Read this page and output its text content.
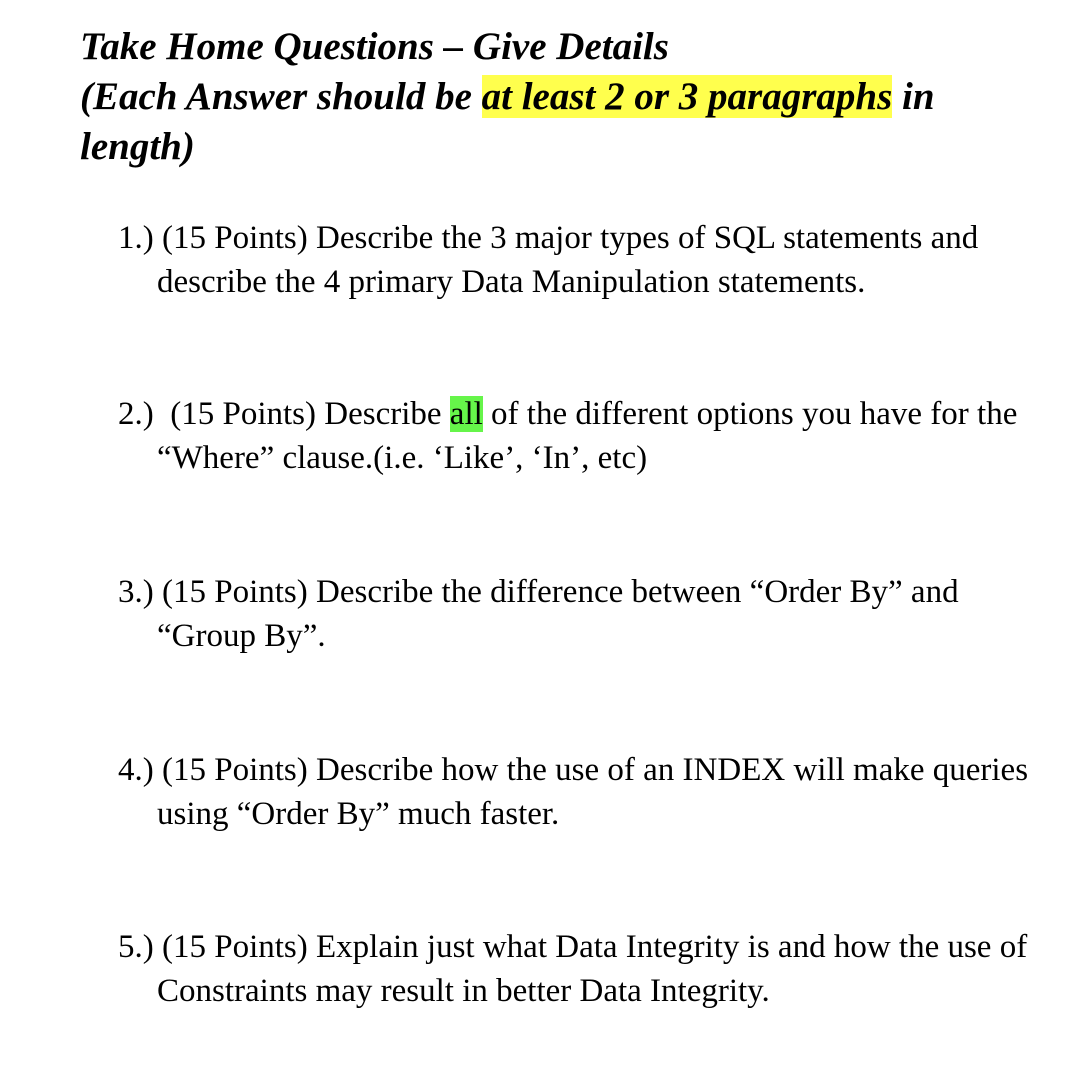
Take Home Questions – Give Details
(Each Answer should be at least 2 or 3 paragraphs in length)

1.) (15 Points) Describe the 3 major types of SQL statements and describe the 4 primary Data Manipulation statements.

2.) (15 Points) Describe all of the different options you have for the “Where” clause.(i.e. ‘Like’, ‘In’, etc)

3.) (15 Points) Describe the difference between “Order By” and “Group By”.

4.) (15 Points) Describe how the use of an INDEX will make queries using “Order By” much faster.

5.) (15 Points) Explain just what Data Integrity is and how the use of Constraints may result in better Data Integrity.
